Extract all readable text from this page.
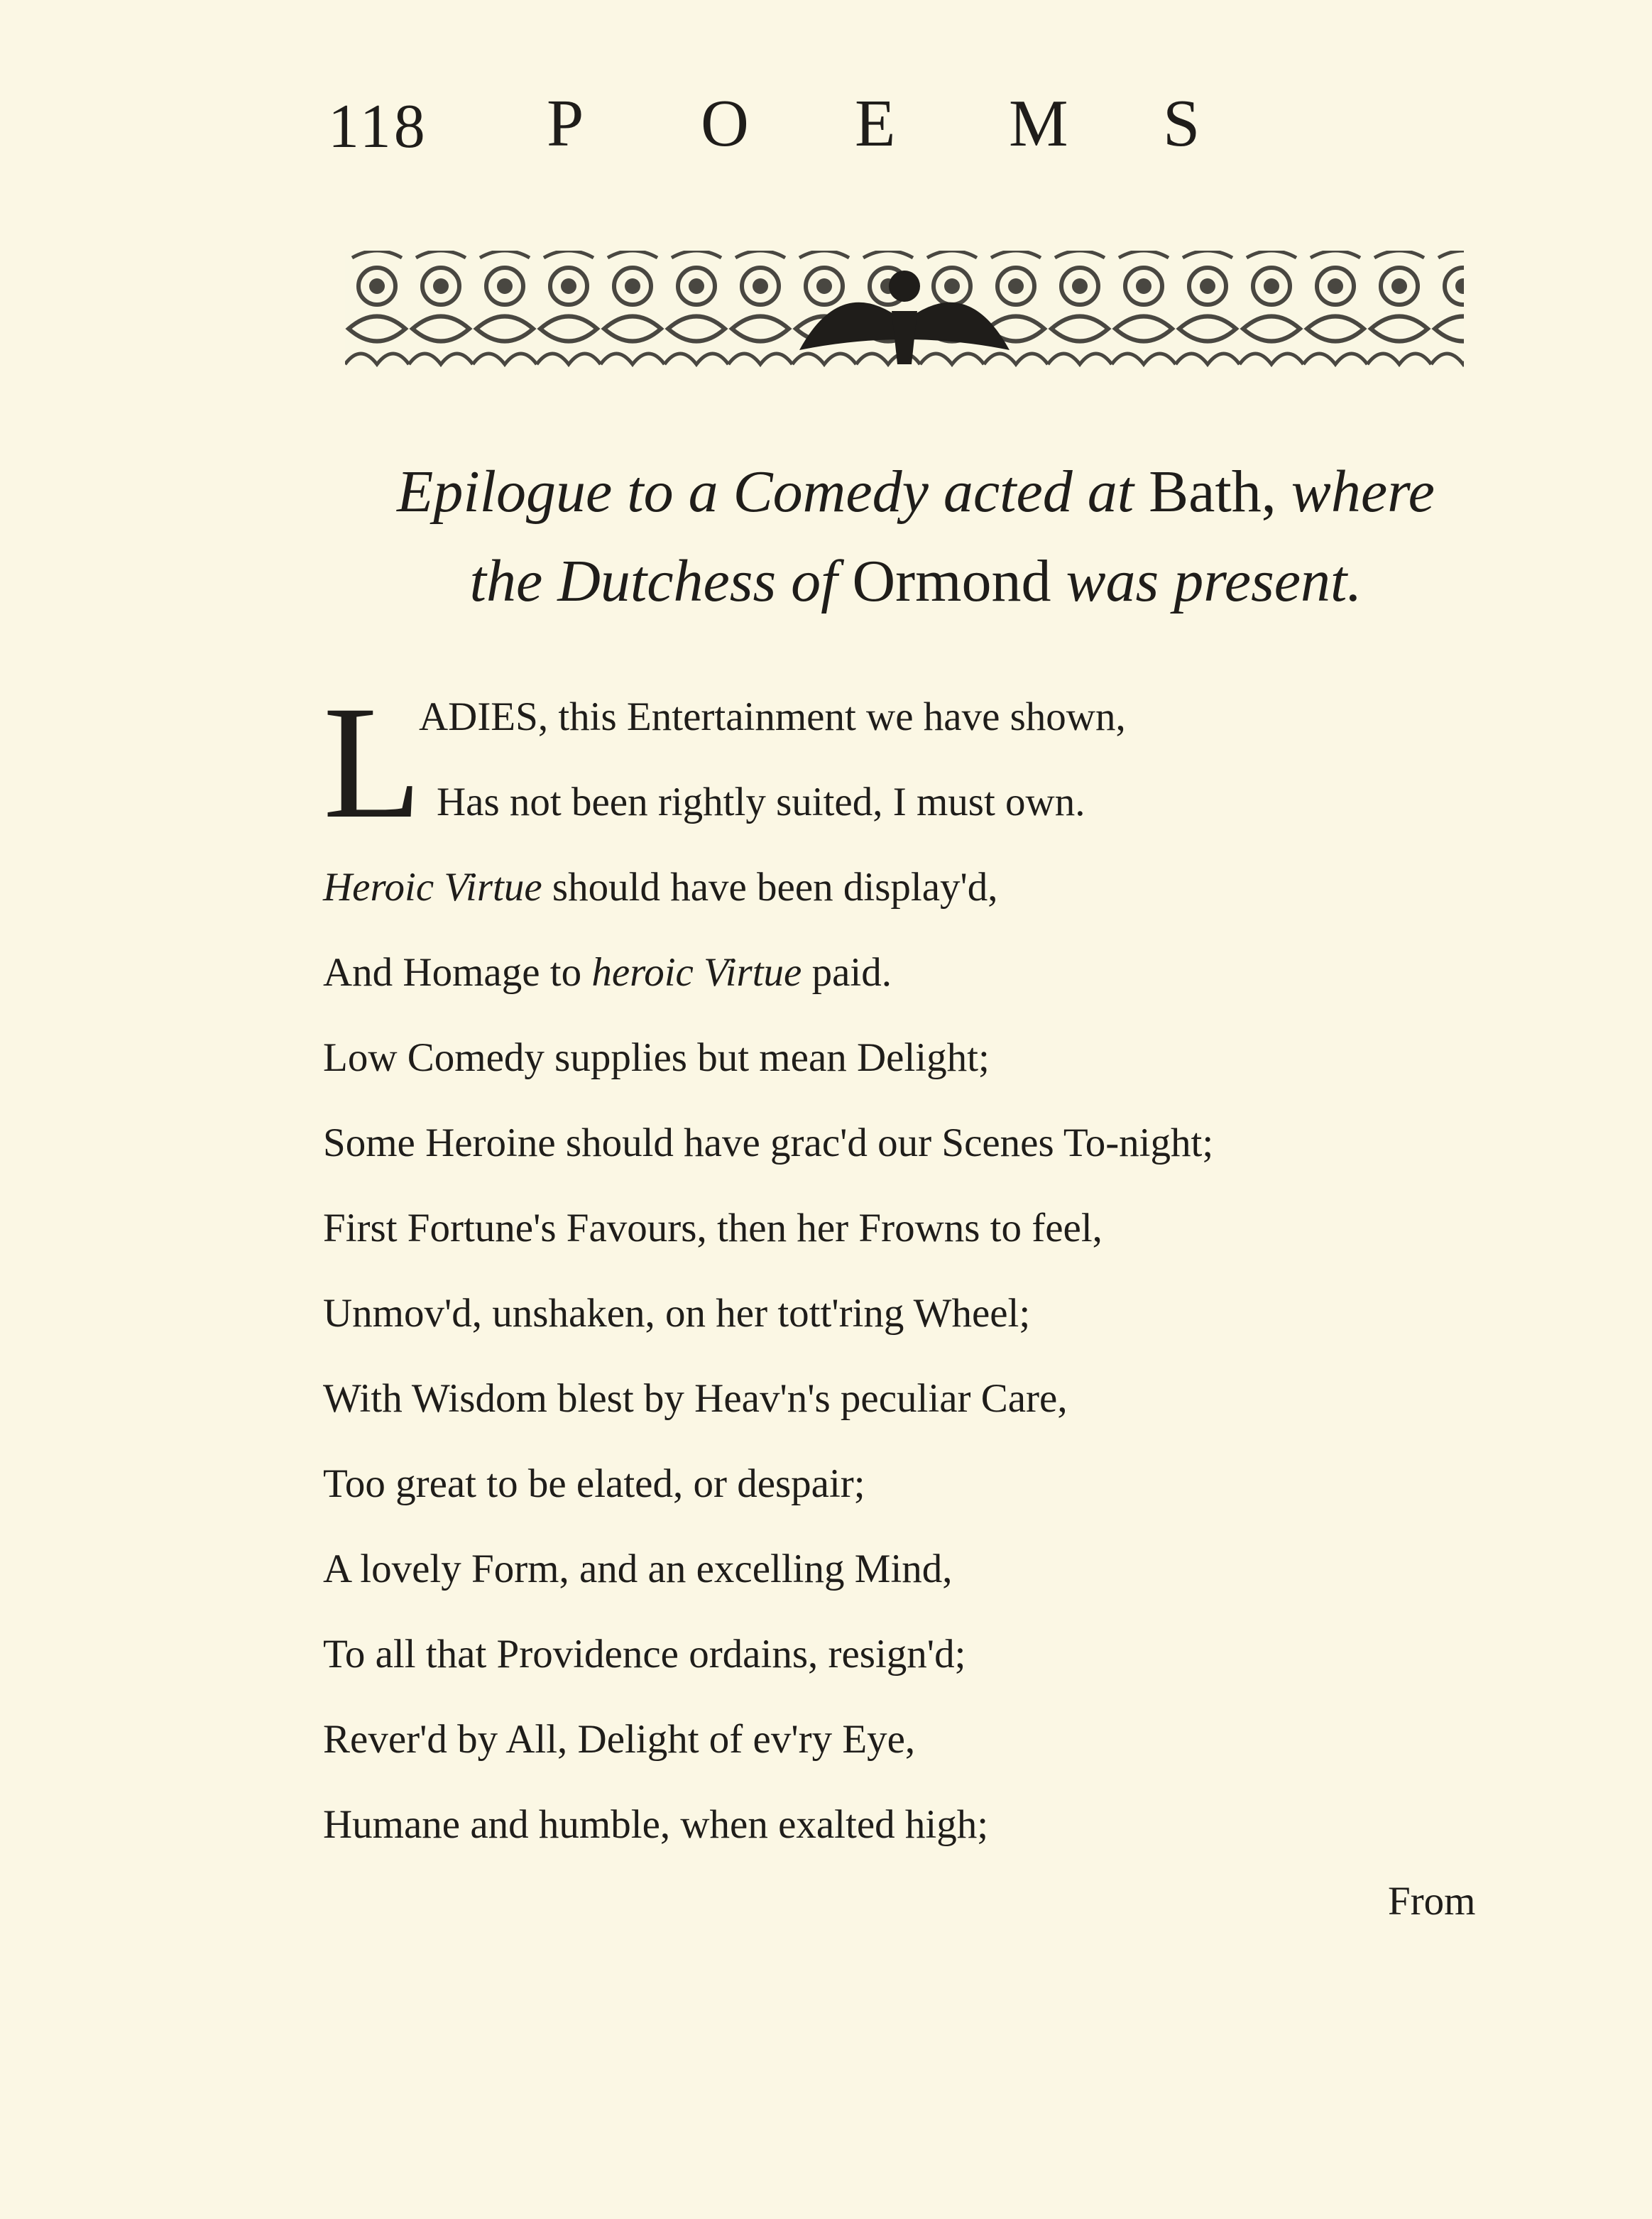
118 P	O	E	M	S
Epilogue to a Comedy acted at Bath, where
the Dutchess of Ormond was present.
L
ADIES, this Entertainment we have shown,
Has not been rightly suited, I must own.
Heroic Virtue should have been display'd,
And Homage to heroic Virtue paid.
Low Comedy supplies but mean Delight;
Some Heroine should have grac'd our Scenes To-night;
First Fortune's Favours, then her Frowns to feel,
Unmov'd, unshaken, on her tott'ring Wheel;
With Wisdom blest by Heav'n's peculiar Care,
Too great to be elated, or despair;
A lovely Form, and an excelling Mind,
To all that Providence ordains, resign'd;
Rever'd by All, Delight of ev'ry Eye,
Humane and humble, when exalted high;
From
